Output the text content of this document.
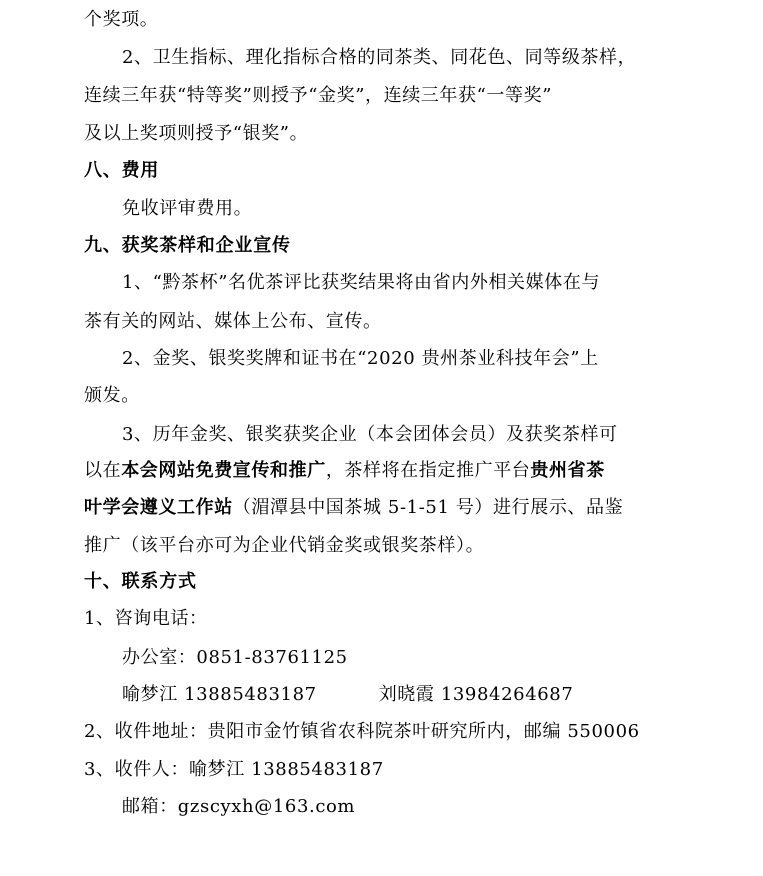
个奖项。
2、卫生指标、理化指标合格的同茶类、同花色、同等级茶样，
连续三年获“特等奖”则授予“金奖”，连续三年获“一等奖”
及以上奖项则授予“银奖”。
八、费用
免收评审费用。
九、获奖茶样和企业宣传
1、“黔茶杯”名优茶评比获奖结果将由省内外相关媒体在与
茶有关的网站、媒体上公布、宣传。
2、金奖、银奖奖牌和证书在“2020 贵州茶业科技年会”上
颁发。
3、历年金奖、银奖获奖企业（本会团体会员）及获奖茶样可
以在本会网站免费宣传和推广，茶样将在指定推广平台贵州省茶
叶学会遵义工作站（湄潭县中国茶城 5-1-51 号）进行展示、品鉴
推广（该平台亦可为企业代销金奖或银奖茶样）。
十、联系方式
1、咨询电话：
办公室：0851-83761125
喻梦江 13885483187	刘晓霞 13984264687
2、收件地址：贵阳市金竹镇省农科院茶叶研究所内，邮编 550006
3、收件人：喻梦江 13885483187
邮箱：gzscyxh@163.com
